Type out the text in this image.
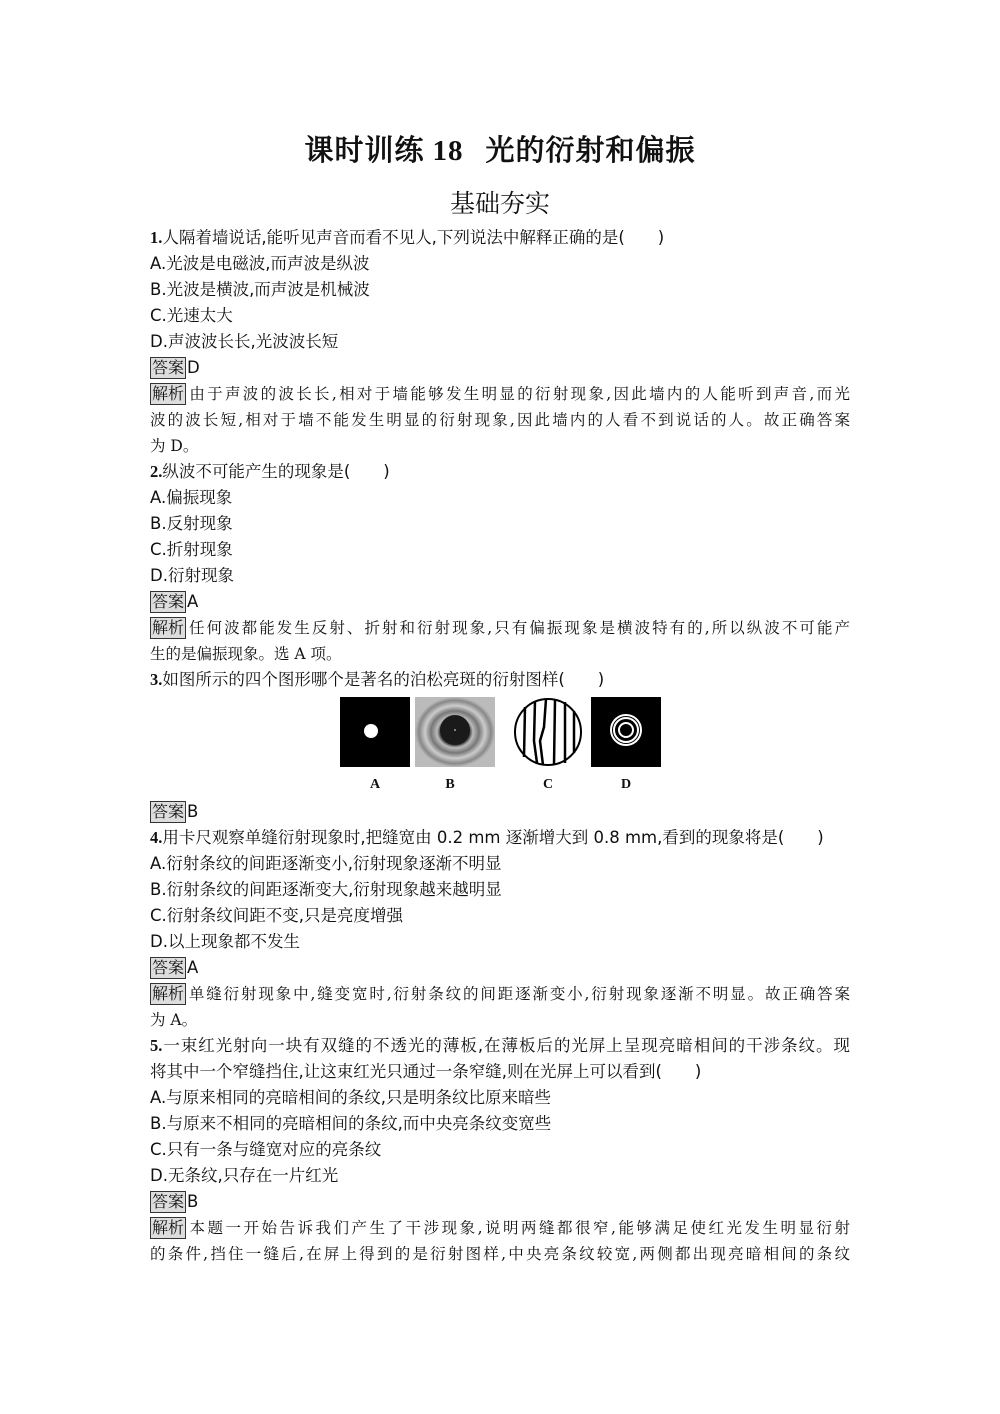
课时训练 18 光的衍射和偏振
基础夯实
1.人隔着墙说话,能听见声音而看不见人,下列说法中解释正确的是(　　)
A.光波是电磁波,而声波是纵波
B.光波是横波,而声波是机械波
C.光速太大
D.声波波长长,光波波长短
答案 D
解析 由于声波的波长长,相对于墙能够发生明显的衍射现象,因此墙内的人能听到声音,而光
波的波长短,相对于墙不能发生明显的衍射现象,因此墙内的人看不到说话的人。故正确答案
为 D。
2.纵波不可能产生的现象是(　　)
A.偏振现象
B.反射现象
C.折射现象
D.衍射现象
答案 A
解析 任何波都能发生反射、折射和衍射现象,只有偏振现象是横波特有的,所以纵波不可能产
生的是偏振现象。选 A 项。
3.如图所示的四个图形哪个是著名的泊松亮斑的衍射图样(　　)
A	B	C	D
答案 B
4.用卡尺观察单缝衍射现象时,把缝宽由 0.2 mm 逐渐增大到 0.8 mm,看到的现象将是(　　)
A.衍射条纹的间距逐渐变小,衍射现象逐渐不明显
B.衍射条纹的间距逐渐变大,衍射现象越来越明显
C.衍射条纹间距不变,只是亮度增强
D.以上现象都不发生
答案 A
解析 单缝衍射现象中,缝变宽时,衍射条纹的间距逐渐变小,衍射现象逐渐不明显。故正确答案
为 A。
5.一束红光射向一块有双缝的不透光的薄板,在薄板后的光屏上呈现亮暗相间的干涉条纹。现
将其中一个窄缝挡住,让这束红光只通过一条窄缝,则在光屏上可以看到(　　)
A.与原来相同的亮暗相间的条纹,只是明条纹比原来暗些
B.与原来不相同的亮暗相间的条纹,而中央亮条纹变宽些
C.只有一条与缝宽对应的亮条纹
D.无条纹,只存在一片红光
答案 B
解析 本题一开始告诉我们产生了干涉现象,说明两缝都很窄,能够满足使红光发生明显衍射
的条件,挡住一缝后,在屏上得到的是衍射图样,中央亮条纹较宽,两侧都出现亮暗相间的条纹
